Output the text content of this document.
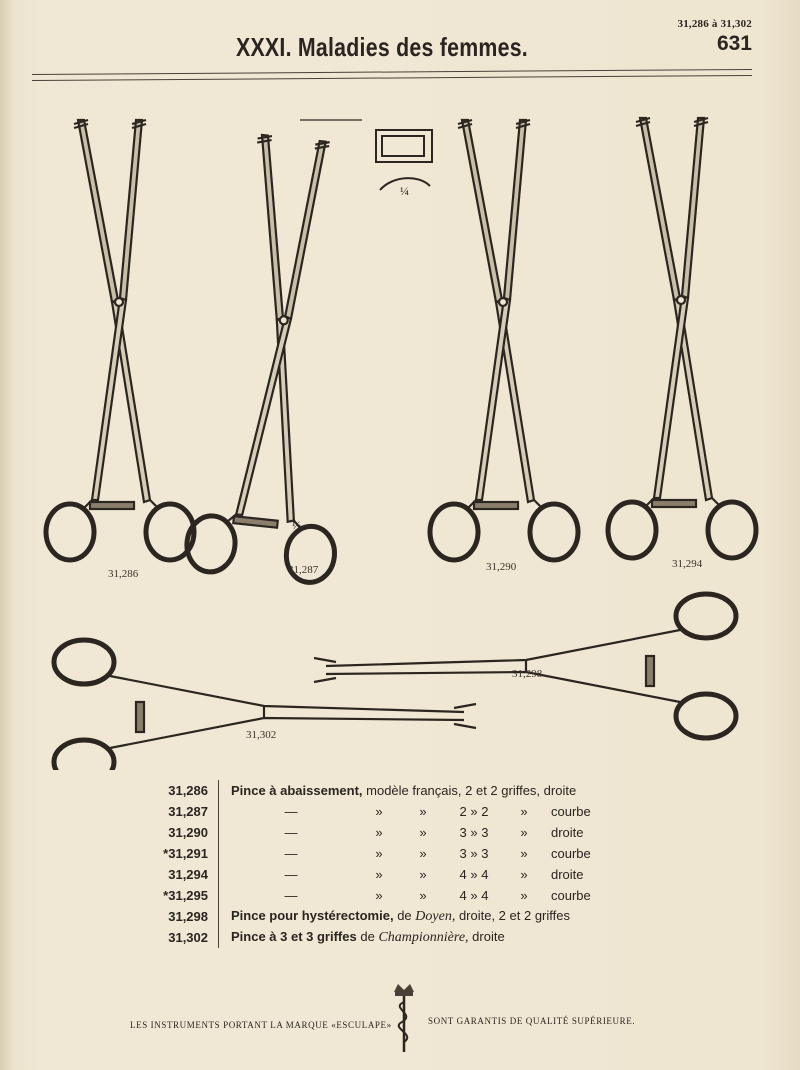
31,286 à 31,302
XXXI. Maladies des femmes.	631
31,286	31,287	31,290	31,294
31,298
31,302
½
¼
31,286	Pince à abaissement, modèle français, 2 et 2 griffes, droite
31,287	— » » 2 » 2 » courbe
31,290	— » » 3 » 3 » droite
*31,291	— » » 3 » 3 » courbe
31,294	— » » 4 » 4 » droite
*31,295	— » » 4 » 4 » courbe
31,298	Pince pour hystérectomie, de Doyen, droite, 2 et 2 griffes
31,302	Pince à 3 et 3 griffes de Championnière, droite
LES INSTRUMENTS PORTANT LA MARQUE «ESCULAPE»	SONT GARANTIS DE QUALITÉ SUPÉRIEURE.
